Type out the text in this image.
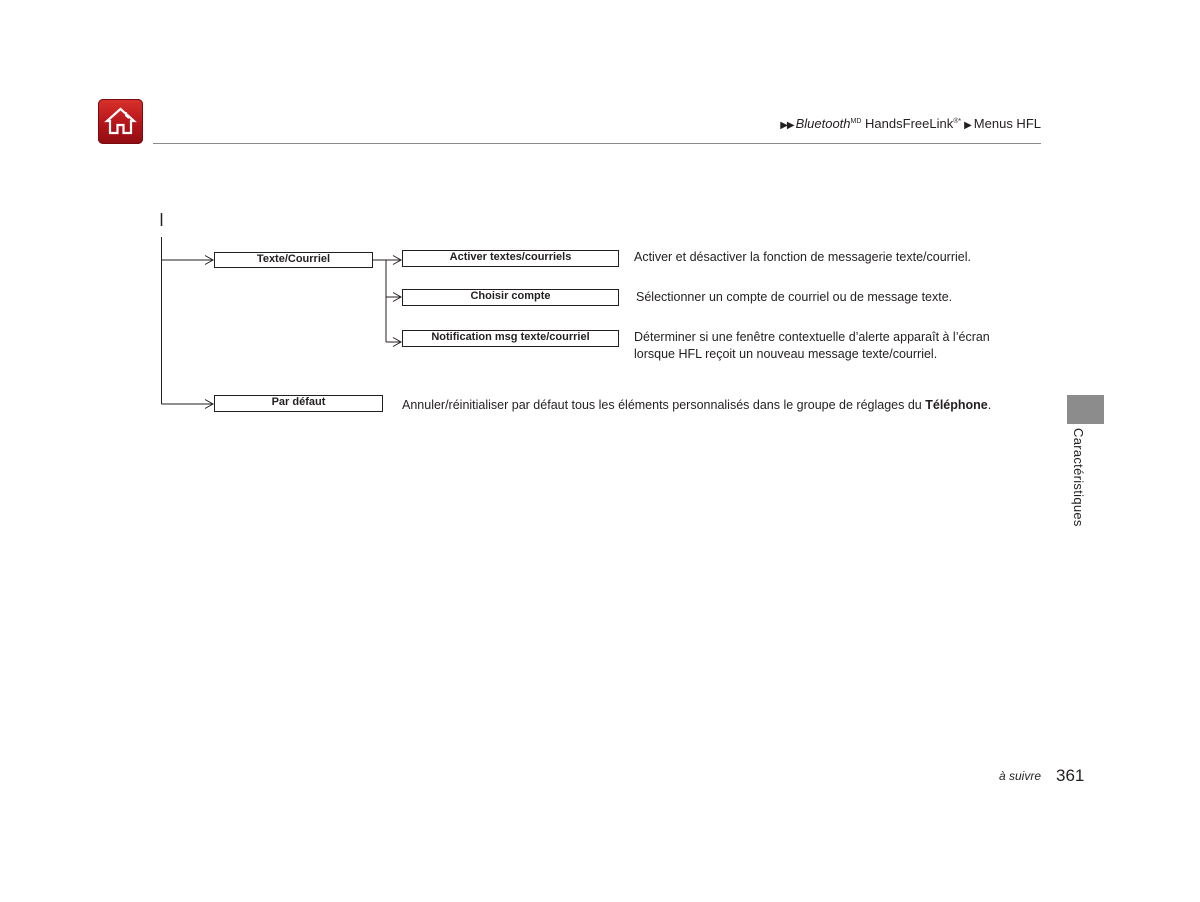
▶▶ Bluetooth$^{MD}$ HandsFreeLink®* ▶ Menus HFL
Texte/Courriel
Par défaut
Activer textes/courriels
Choisir compte
Notification msg texte/courriel
Activer et désactiver la fonction de messagerie texte/courriel.
Sélectionner un compte de courriel ou de message texte.
Déterminer si une fenêtre contextuelle d’alerte apparaît à l’écran
lorsque HFL reçoit un nouveau message texte/courriel.
Annuler/réinitialiser par défaut tous les éléments personnalisés dans le groupe de réglages du Téléphone.
Caractéristiques
à suivre 361
